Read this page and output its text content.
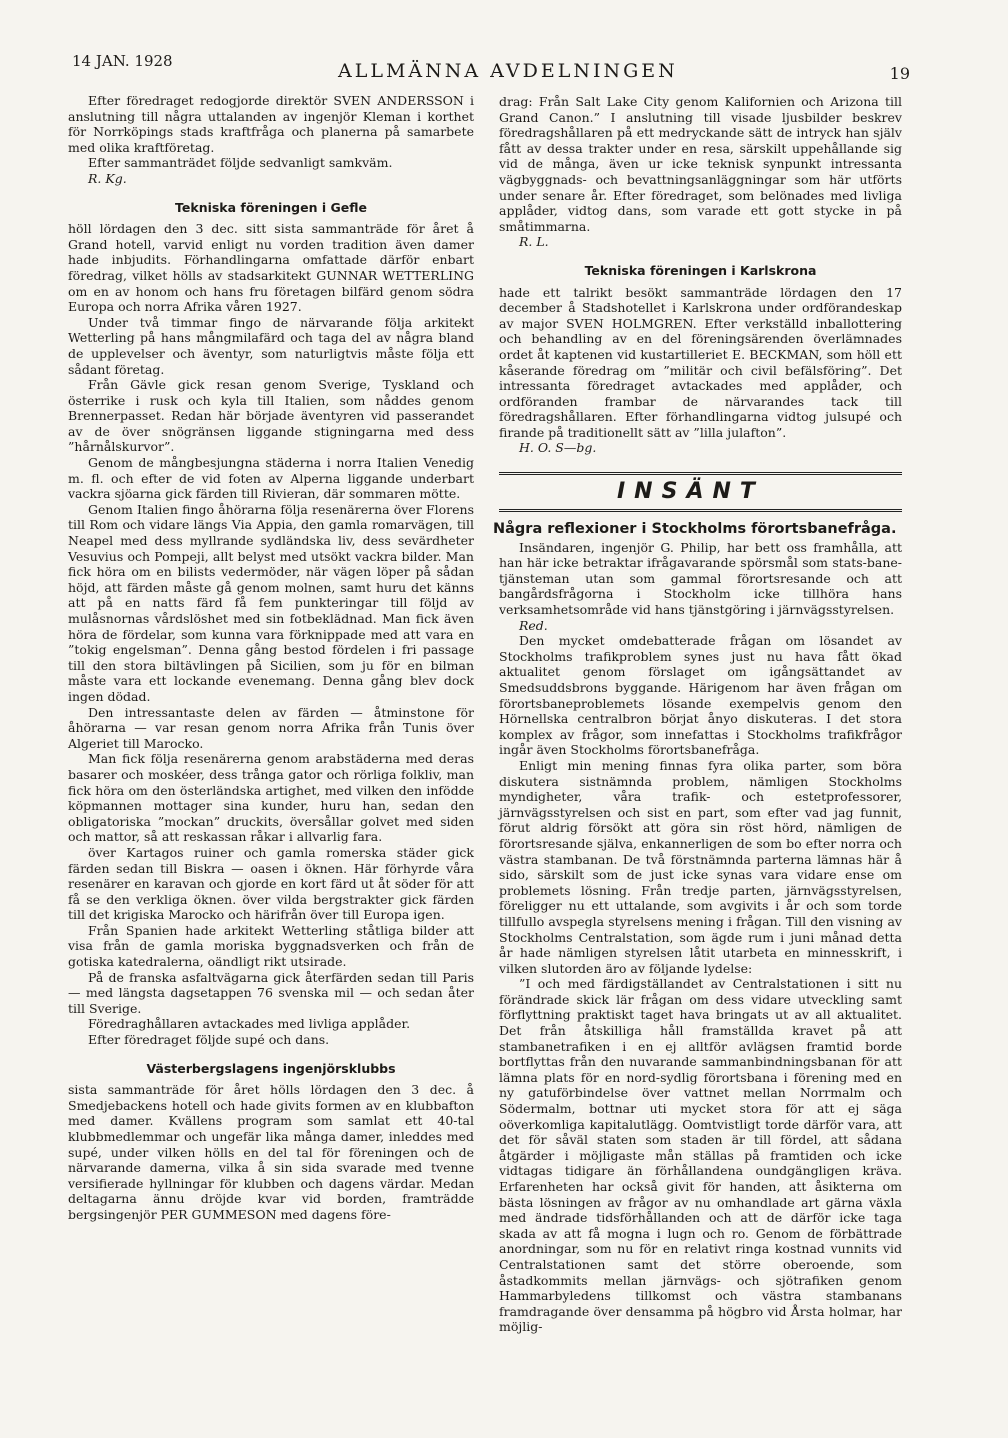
14 JAN. 1928	ALLMÄNNA AVDELNINGEN	19

Efter föredraget redogjorde direktör SVEN ANDERSSON i anslutning till några uttalanden av ingenjör Kleman i korthet för Norrköpings stads kraftfråga och planerna på samarbete med olika kraftföretag.

Efter sammanträdet följde sedvanligt samkväm.

R. Kg.

Tekniska föreningen i Gefle

höll lördagen den 3 dec. sitt sista sammanträde för året å Grand hotell, varvid enligt nu vorden tradition även damer hade inbjudits. Förhandlingarna omfattade därför enbart föredrag, vilket hölls av stadsarkitekt GUNNAR WETTERLING om en av honom och hans fru företagen bilfärd genom södra Europa och norra Afrika våren 1927.

Under två timmar fingo de närvarande följa arkitekt Wetterling på hans mångmilafärd och taga del av några bland de upplevelser och äventyr, som naturligtvis måste följa ett sådant företag.

Från Gävle gick resan genom Sverige, Tyskland och österrike i rusk och kyla till Italien, som nåddes genom Brennerpasset. Redan här började äventyren vid passerandet av de över snögränsen liggande stigningarna med dess ”hårnålskurvor”.

Genom de mångbesjungna städerna i norra Italien Venedig m. fl. och efter de vid foten av Alperna liggande underbart vackra sjöarna gick färden till Rivieran, där sommaren mötte.

Genom Italien fingo åhörarna följa resenärerna över Florens till Rom och vidare längs Via Appia, den gamla romarvägen, till Neapel med dess myllrande sydländska liv, dess sevärdheter Vesuvius och Pompeji, allt belyst med utsökt vackra bilder. Man fick höra om en bilists vedermöder, när vägen löper på sådan höjd, att färden måste gå genom molnen, samt huru det känns att på en natts färd få fem punkteringar till följd av mulåsnornas vårdslöshet med sin fotbeklädnad. Man fick även höra de fördelar, som kunna vara förknippade med att vara en ”tokig engelsman”. Denna gång bestod fördelen i fri passage till den stora biltävlingen på Sicilien, som ju för en bilman måste vara ett lockande evenemang. Denna gång blev dock ingen dödad.

Den intressantaste delen av färden — åtminstone för åhörarna — var resan genom norra Afrika från Tunis över Algeriet till Marocko.

Man fick följa resenärerna genom arabstäderna med deras basarer och moskéer, dess trånga gator och rörliga folkliv, man fick höra om den österländska artighet, med vilken den infödde köpmannen mottager sina kunder, huru han, sedan den obligatoriska ”mockan” druckits, översållar golvet med siden och mattor, så att reskassan råkar i allvarlig fara.

över Kartagos ruiner och gamla romerska städer gick färden sedan till Biskra — oasen i öknen. Här förhyrde våra resenärer en karavan och gjorde en kort färd ut åt söder för att få se den verkliga öknen. över vilda bergstrakter gick färden till det krigiska Marocko och härifrån över till Europa igen.

Från Spanien hade arkitekt Wetterling ståtliga bilder att visa från de gamla moriska byggnadsverken och från de gotiska katedralerna, oändligt rikt utsirade.

På de franska asfaltvägarna gick återfärden sedan till Paris — med längsta dagsetappen 76 svenska mil — och sedan åter till Sverige.

Föredraghållaren avtackades med livliga applåder.

Efter föredraget följde supé och dans.

Västerbergslagens ingenjörsklubbs

sista sammanträde för året hölls lördagen den 3 dec. å Smedjebackens hotell och hade givits formen av en klubbafton med damer. Kvällens program som samlat ett 40-tal klubbmedlemmar och ungefär lika många damer, inleddes med supé, under vilken hölls en del tal för föreningen och de närvarande damerna, vilka å sin sida svarade med tvenne versifierade hyllningar för klubben och dagens värdar. Medan deltagarna ännu dröjde kvar vid borden, framträdde bergsingenjör PER GUMMESON med dagens före-

drag: Från Salt Lake City genom Kalifornien och Arizona till Grand Canon.” I anslutning till visade ljusbilder beskrev föredragshållaren på ett medryckande sätt de intryck han själv fått av dessa trakter under en resa, särskilt uppehållande sig vid de många, även ur icke teknisk synpunkt intressanta vägbyggnads- och bevattningsanläggningar som här utförts under senare år. Efter föredraget, som belönades med livliga applåder, vidtog dans, som varade ett gott stycke in på småtimmarna.

R. L.

Tekniska föreningen i Karlskrona

hade ett talrikt besökt sammanträde lördagen den 17 december å Stadshotellet i Karlskrona under ordförandeskap av major SVEN HOLMGREN. Efter verkställd inballottering och behandling av en del föreningsärenden överlämnades ordet åt kaptenen vid kustartilleriet E. BECKMAN, som höll ett kåserande föredrag om ”militär och civil befälsföring”. Det intressanta föredraget avtackades med applåder, och ordföranden frambar de närvarandes tack till föredragshållaren. Efter förhandlingarna vidtog julsupé och firande på traditionellt sätt av ”lilla julafton”.

H. O. S—bg.

INSÄNT
Några reflexioner i Stockholms förortsbanefråga.

Insändaren, ingenjör G. Philip, har bett oss framhålla, att han här icke betraktar ifrågavarande spörsmål som stats-bane-tjänsteman utan som gammal förortsresande och att bangårdsfrågorna i Stockholm icke tillhöra hans verksamhetsområde vid hans tjänstgöring i järnvägsstyrelsen.

Red.

Den mycket omdebatterade frågan om lösandet av Stockholms trafikproblem synes just nu hava fått ökad aktualitet genom förslaget om igångsättandet av Smedsuddsbrons byggande. Härigenom har även frågan om förortsbaneproblemets lösande exempelvis genom den Hörnellska centralbron börjat ånyo diskuteras. I det stora komplex av frågor, som innefattas i Stockholms trafikfrågor ingår även Stockholms förortsbanefråga.

Enligt min mening finnas fyra olika parter, som böra diskutera sistnämnda problem, nämligen Stockholms myndigheter, våra trafik- och estetprofessorer, järnvägsstyrelsen och sist en part, som efter vad jag funnit, förut aldrig försökt att göra sin röst hörd, nämligen de förortsresande själva, enkannerligen de som bo efter norra och västra stambanan. De två förstnämnda parterna lämnas här å sido, särskilt som de just icke synas vara vidare ense om problemets lösning. Från tredje parten, järnvägsstyrelsen, föreligger nu ett uttalande, som avgivits i år och som torde tillfullo avspegla styrelsens mening i frågan. Till den visning av Stockholms Centralstation, som ägde rum i juni månad detta år hade nämligen styrelsen låtit utarbeta en minnesskrift, i vilken slutorden äro av följande lydelse:

”I och med färdigställandet av Centralstationen i sitt nu förändrade skick lär frågan om dess vidare utveckling samt förflyttning praktiskt taget hava bringats ut av all aktualitet. Det från åtskilliga håll framställda kravet på att stambanetrafiken i en ej alltför avlägsen framtid borde bortflyttas från den nuvarande sammanbindningsbanan för att lämna plats för en nord-sydlig förortsbana i förening med en ny gatuförbindelse över vattnet mellan Norrmalm och Södermalm, bottnar uti mycket stora för att ej säga oöverkomliga kapitalutlägg. Oomtvistligt torde därför vara, att det för såväl staten som staden är till fördel, att sådana åtgärder i möjligaste mån ställas på framtiden och icke vidtagas tidigare än förhållandena oundgängligen kräva. Erfarenheten har också givit för handen, att åsikterna om bästa lösningen av frågor av nu omhandlade art gärna växla med ändrade tidsförhållanden och att de därför icke taga skada av att få mogna i lugn och ro. Genom de förbättrade anordningar, som nu för en relativt ringa kostnad vunnits vid Centralstationen samt det större oberoende, som åstadkommits mellan järnvägs- och sjötrafiken genom Hammarbyledens tillkomst och västra stambanans framdragande över densamma på högbro vid Årsta holmar, har möjlig-
